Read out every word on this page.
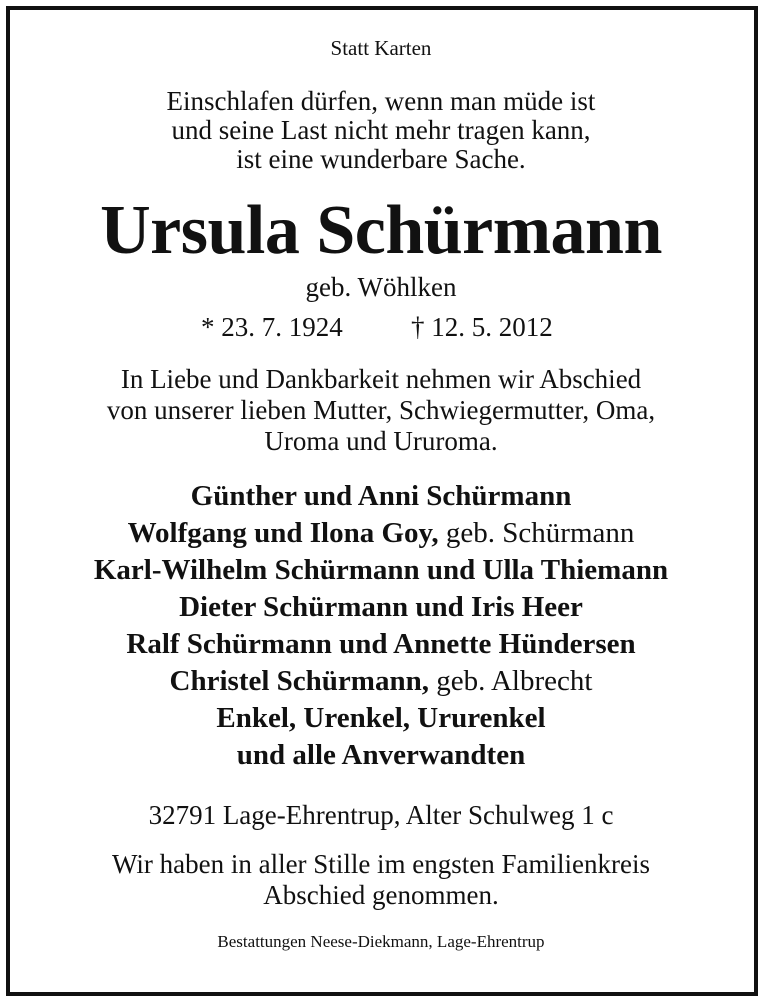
Statt Karten
Einschlafen dürfen, wenn man müde ist
und seine Last nicht mehr tragen kann,
ist eine wunderbare Sache.
Ursula Schürmann
geb. Wöhlken
* 23. 7. 1924	† 12. 5. 2012
In Liebe und Dankbarkeit nehmen wir Abschied
von unserer lieben Mutter, Schwiegermutter, Oma,
Uroma und Ururoma.
Günther und Anni Schürmann
Wolfgang und Ilona Goy, geb. Schürmann
Karl-Wilhelm Schürmann und Ulla Thiemann
Dieter Schürmann und Iris Heer
Ralf Schürmann und Annette Hündersen
Christel Schürmann, geb. Albrecht
Enkel, Urenkel, Ururenkel
und alle Anverwandten
32791 Lage-Ehrentrup, Alter Schulweg 1 c
Wir haben in aller Stille im engsten Familienkreis
Abschied genommen.
Bestattungen Neese-Diekmann, Lage-Ehrentrup
